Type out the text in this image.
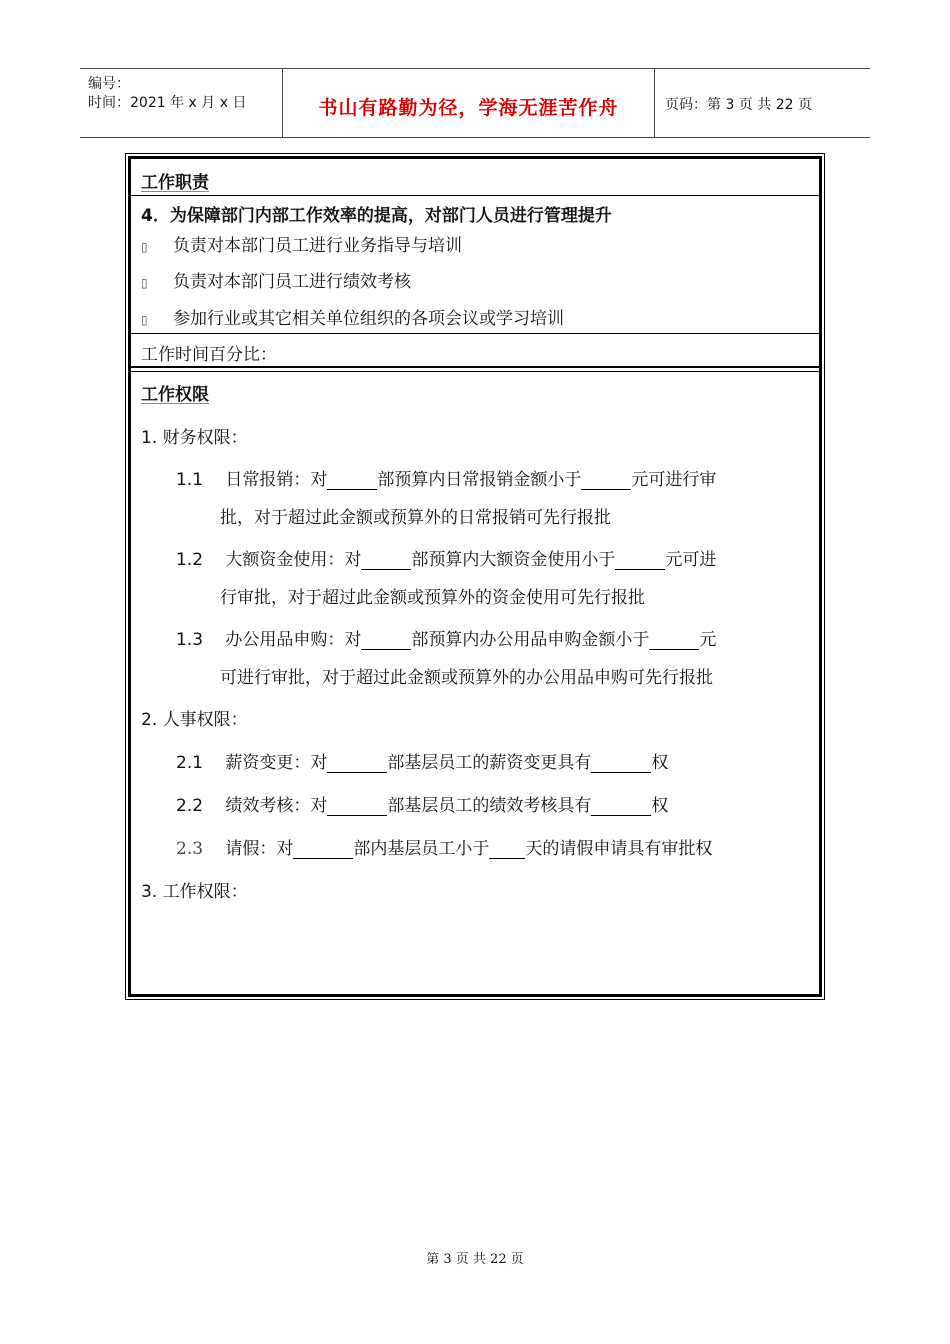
编号：
时间：2021 年 x 月 x 日	书山有路勤为径，学海无涯苦作舟	页码：第 3 页 共 22 页
工作职责
4．为保障部门内部工作效率的提高，对部门人员进行管理提升
▯ 负责对本部门员工进行业务指导与培训
▯ 负责对本部门员工进行绩效考核
▯ 参加行业或其它相关单位组织的各项会议或学习培训
工作时间百分比：
工作权限
1. 财务权限：
1.1 日常报销：对	部预算内日常报销金额小于	元可进行审
批，对于超过此金额或预算外的日常报销可先行报批
1.2 大额资金使用：对	部预算内大额资金使用小于	元可进
行审批，对于超过此金额或预算外的资金使用可先行报批
1.3 办公用品申购：对	部预算内办公用品申购金额小于	元
可进行审批，对于超过此金额或预算外的办公用品申购可先行报批
2. 人事权限：
2.1 薪资变更：对	部基层员工的薪资变更具有	权
2.2 绩效考核：对	部基层员工的绩效考核具有	权
2.3 请假：对	部内基层员工小于 天的请假申请具有审批权
3. 工作权限：
第 3 页 共 22 页
